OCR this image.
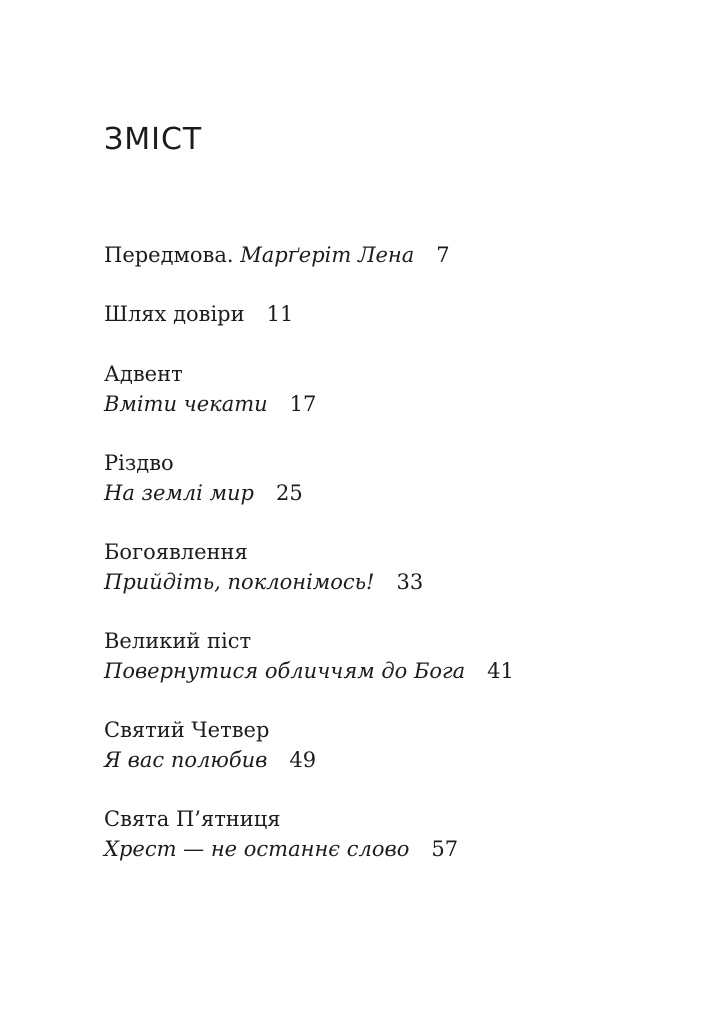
ЗМІСТ
Передмова. Марґеріт Лена 7
Шлях довіри 11
Адвент
Вміти чекати 17
Різдво
На землі мир 25
Богоявлення
Прийдіть, поклонімось! 33
Великий піст
Повернутися обличчям до Бога 41
Святий Четвер
Я вас полюбив 49
Свята П’ятниця
Хрест — не останнє слово 57
